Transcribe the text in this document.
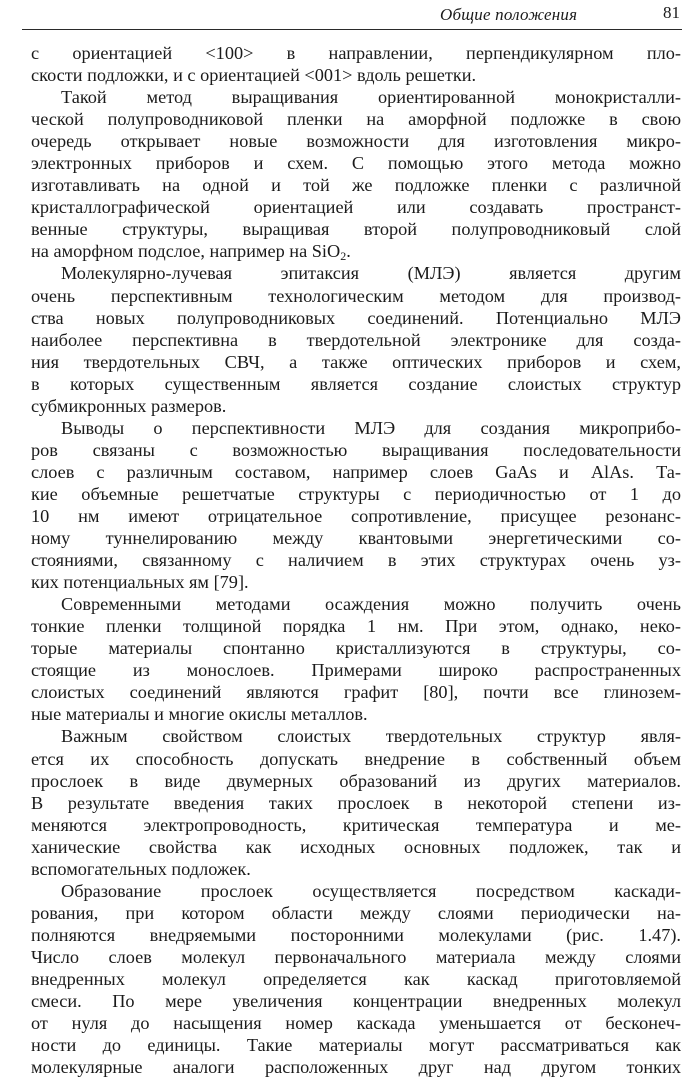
Общие положения	81
с ориентацией <100> в направлении, перпендикулярном пло-
скости подложки, и с ориентацией <001> вдоль решетки.
Такой метод выращивания ориентированной монокристалли-
ческой полупроводниковой пленки на аморфной подложке в свою
очередь открывает новые возможности для изготовления микро-
электронных приборов и схем. С помощью этого метода можно
изготавливать на одной и той же подложке пленки с различной
кристаллографической ориентацией или создавать пространст-
венные структуры, выращивая второй полупроводниковый слой
на аморфном подслое, например на SiO$_2$.
Молекулярно-лучевая эпитаксия (МЛЭ) является другим
очень перспективным технологическим методом для производ-
ства новых полупроводниковых соединений. Потенциально МЛЭ
наиболее перспективна в твердотельной электронике для созда-
ния твердотельных СВЧ, а также оптических приборов и схем,
в которых существенным является создание слоистых структур
субмикронных размеров.
Выводы о перспективности МЛЭ для создания микроприбо-
ров связаны с возможностью выращивания последовательности
слоев с различным составом, например слоев GaAs и AlAs. Та-
кие объемные решетчатые структуры с периодичностью от 1 до
10 нм имеют отрицательное сопротивление, присущее резонанс-
ному туннелированию между квантовыми энергетическими со-
стояниями, связанному с наличием в этих структурах очень уз-
ких потенциальных ям [79].
Современными методами осаждения можно получить очень
тонкие пленки толщиной порядка 1 нм. При этом, однако, неко-
торые материалы спонтанно кристаллизуются в структуры, со-
стоящие из монослоев. Примерами широко распространенных
слоистых соединений являются графит [80], почти все глинозем-
ные материалы и многие окислы металлов.
Важным свойством слоистых твердотельных структур явля-
ется их способность допускать внедрение в собственный объем
прослоек в виде двумерных образований из других материалов.
В результате введения таких прослоек в некоторой степени из-
меняются электропроводность, критическая температура и ме-
ханические свойства как исходных основных подложек, так и
вспомогательных подложек.
Образование прослоек осуществляется посредством каскади-
рования, при котором области между слоями периодически на-
полняются внедряемыми посторонними молекулами (рис. 1.47).
Число слоев молекул первоначального материала между слоями
внедренных молекул определяется как каскад приготовляемой
смеси. По мере увеличения концентрации внедренных молекул
от нуля до насыщения номер каскада уменьшается от бесконеч-
ности до единицы. Такие материалы могут рассматриваться как
молекулярные аналоги расположенных друг над другом тонких
